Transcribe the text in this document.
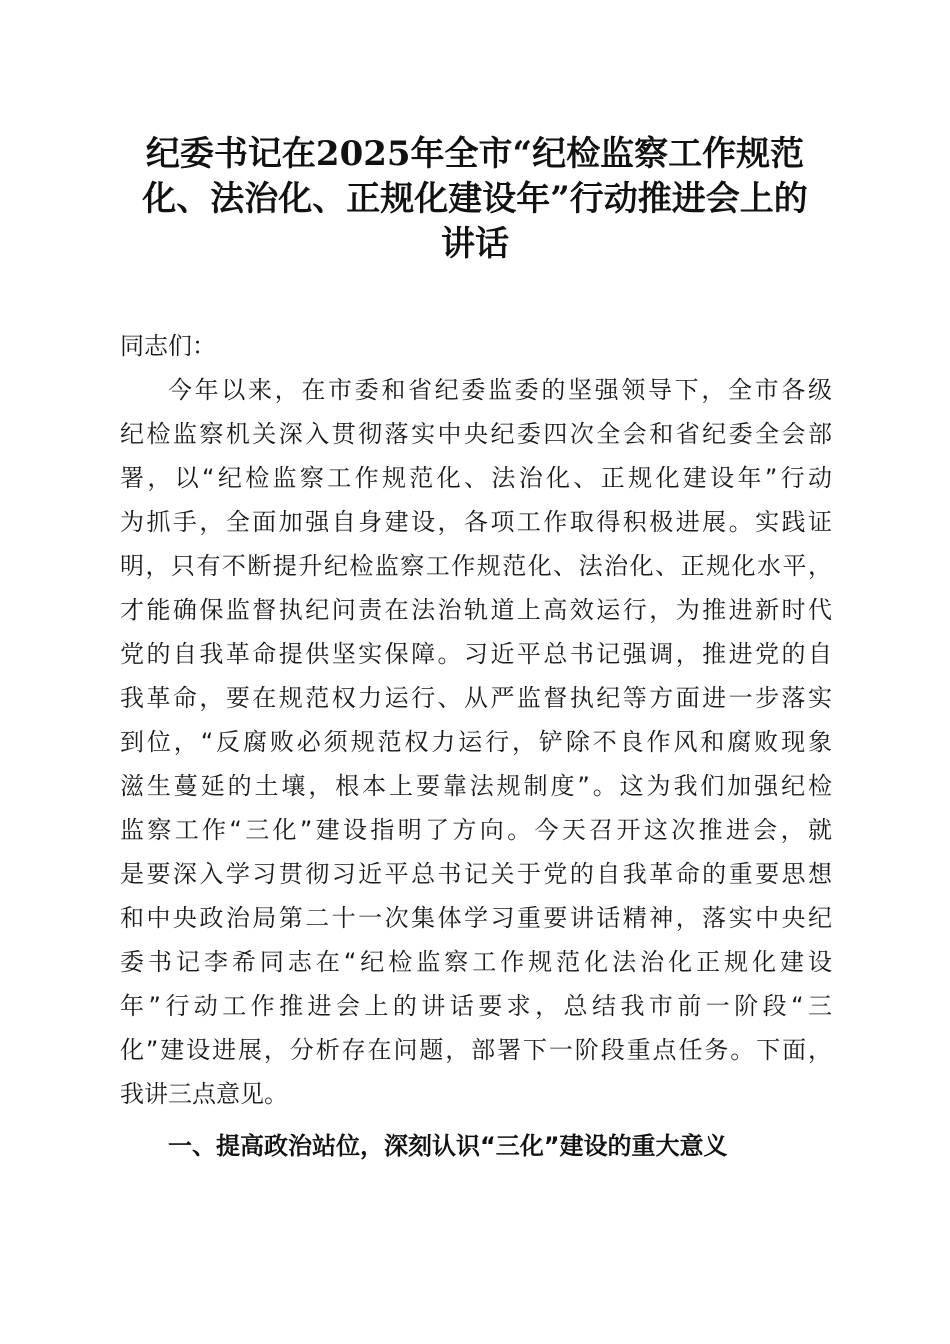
纪委书记在2025年全市“纪检监察工作规范
化、法治化、正规化建设年”行动推进会上的
讲话

同志们：

今年以来，在市委和省纪委监委的坚强领导下，全市各级
纪检监察机关深入贯彻落实中央纪委四次全会和省纪委全会部
署，以“纪检监察工作规范化、法治化、正规化建设年”行动
为抓手，全面加强自身建设，各项工作取得积极进展。实践证
明，只有不断提升纪检监察工作规范化、法治化、正规化水平，
才能确保监督执纪问责在法治轨道上高效运行，为推进新时代
党的自我革命提供坚实保障。习近平总书记强调，推进党的自
我革命，要在规范权力运行、从严监督执纪等方面进一步落实
到位，“反腐败必须规范权力运行，铲除不良作风和腐败现象
滋生蔓延的土壤，根本上要靠法规制度”。这为我们加强纪检
监察工作“三化”建设指明了方向。今天召开这次推进会，就
是要深入学习贯彻习近平总书记关于党的自我革命的重要思想
和中央政治局第二十一次集体学习重要讲话精神，落实中央纪
委书记李希同志在“纪检监察工作规范化法治化正规化建设
年”行动工作推进会上的讲话要求，总结我市前一阶段“三
化”建设进展，分析存在问题，部署下一阶段重点任务。下面，
我讲三点意见。

一、提高政治站位，深刻认识“三化”建设的重大意义
